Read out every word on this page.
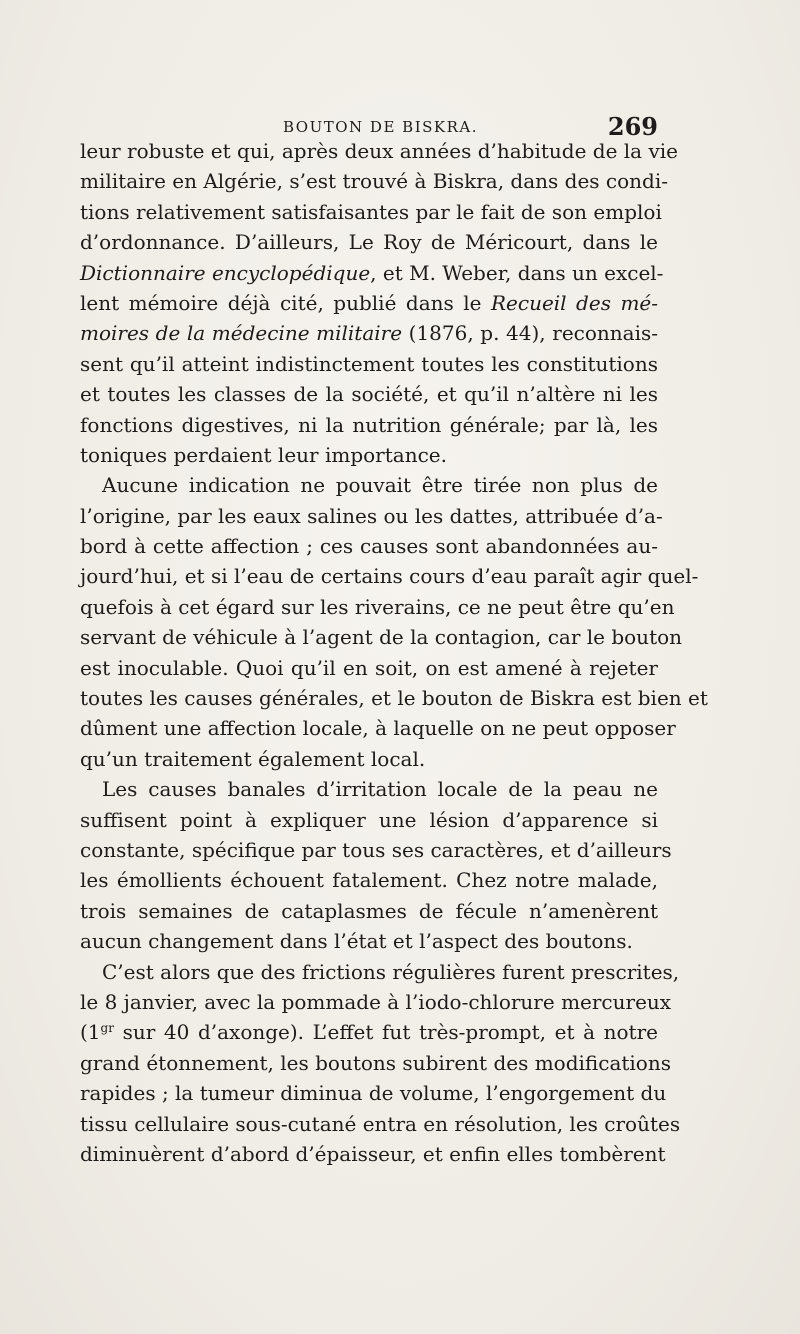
BOUTON DE BISKRA.	269
leur robuste et qui, après deux années d’habitude de la vie
militaire en Algérie, s’est trouvé à Biskra, dans des condi-
tions relativement satisfaisantes par le fait de son emploi
d’ordonnance. D’ailleurs, Le Roy de Méricourt, dans le
Dictionnaire encyclopédique, et M. Weber, dans un excel-
lent mémoire déjà cité, publié dans le Recueil des mé-
moires de la médecine militaire (1876, p. 44), reconnais-
sent qu’il atteint indistinctement toutes les constitutions
et toutes les classes de la société, et qu’il n’altère ni les
fonctions digestives, ni la nutrition générale; par là, les
toniques perdaient leur importance.
Aucune indication ne pouvait être tirée non plus de
l’origine, par les eaux salines ou les dattes, attribuée d’a-
bord à cette affection ; ces causes sont abandonnées au-
jourd’hui, et si l’eau de certains cours d’eau paraît agir quel-
quefois à cet égard sur les riverains, ce ne peut être qu’en
servant de véhicule à l’agent de la contagion, car le bouton
est inoculable. Quoi qu’il en soit, on est amené à rejeter
toutes les causes générales, et le bouton de Biskra est bien et
dûment une affection locale, à laquelle on ne peut opposer
qu’un traitement également local.
Les causes banales d’irritation locale de la peau ne
suffisent point à expliquer une lésion d’apparence si
constante, spécifique par tous ses caractères, et d’ailleurs
les émollients échouent fatalement. Chez notre malade,
trois semaines de cataplasmes de fécule n’amenèrent
aucun changement dans l’état et l’aspect des boutons.
C’est alors que des frictions régulières furent prescrites,
le 8 janvier, avec la pommade à l’iodo-chlorure mercureux
($1^{gr}$ sur 40 d’axonge). L’effet fut très-prompt, et à notre
grand étonnement, les boutons subirent des modifications
rapides ; la tumeur diminua de volume, l’engorgement du
tissu cellulaire sous-cutané entra en résolution, les croûtes
diminuèrent d’abord d’épaisseur, et enfin elles tombèrent
